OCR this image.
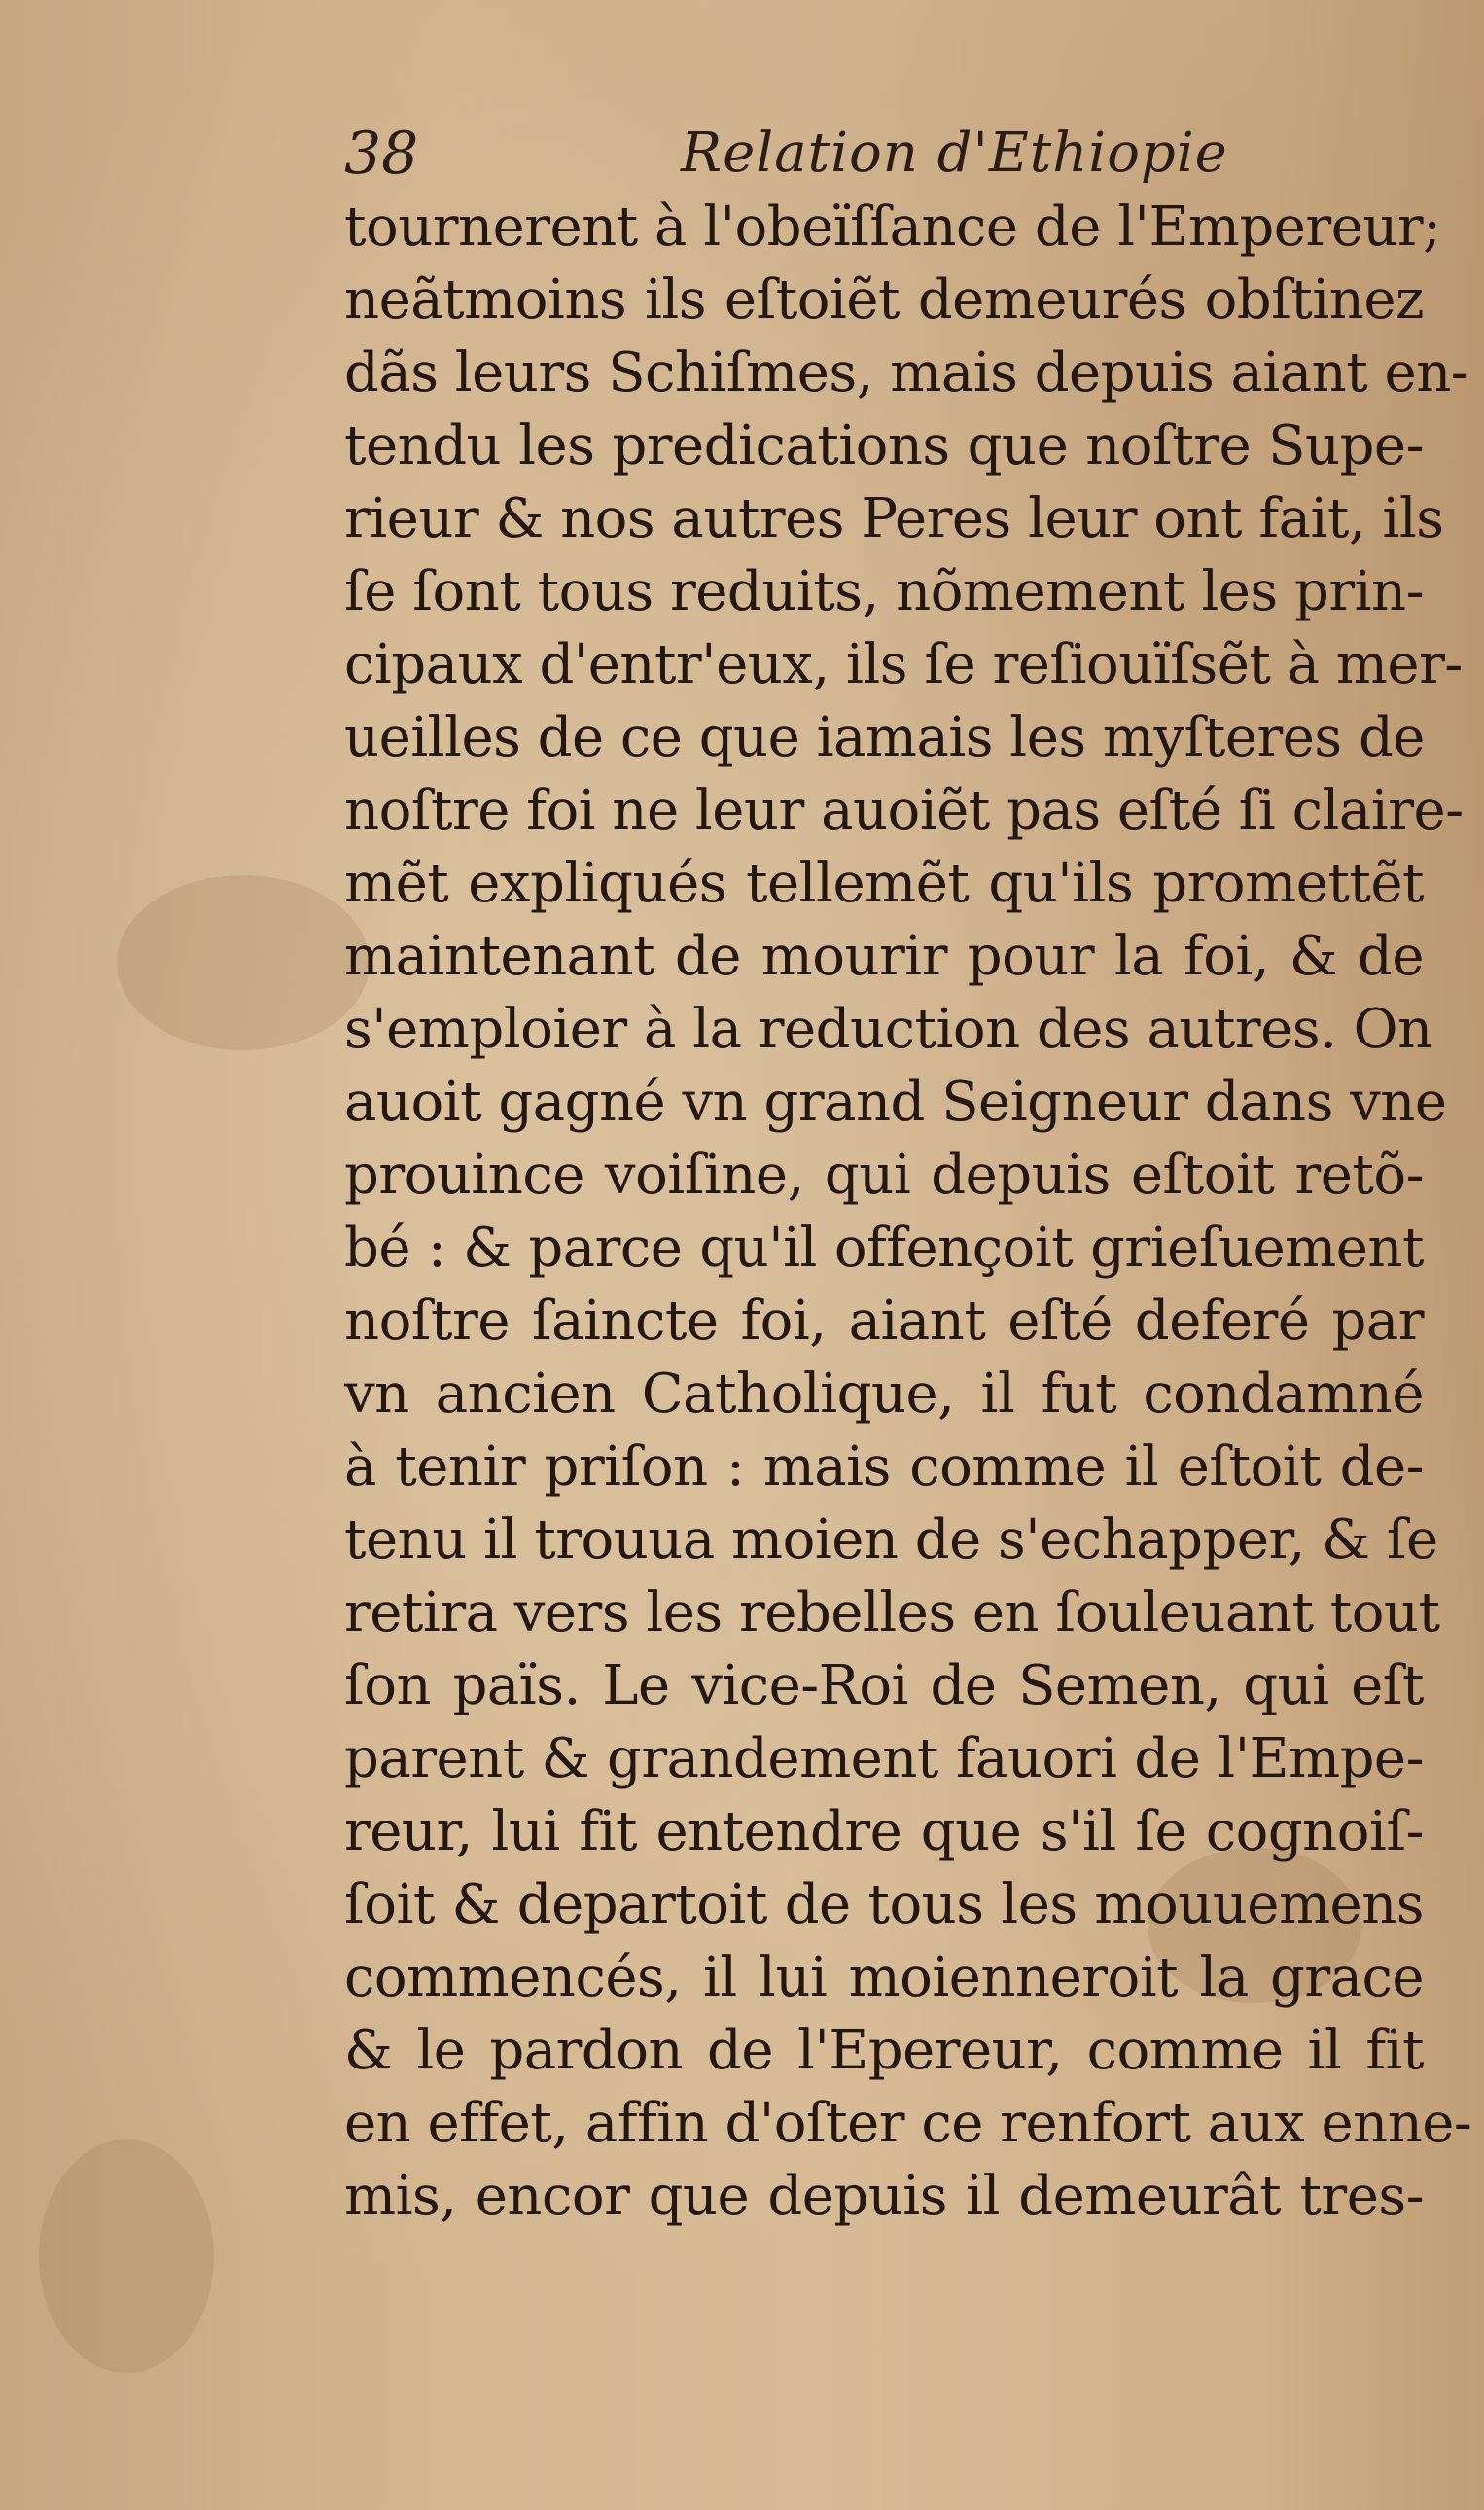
38	Relation d'Ethiopie
tournerent à l'obeïſſance de l'Empereur;
neãtmoins ils eſtoiẽt demeurés obſtinez
dãs leurs Schiſmes, mais depuis aiant en-
tendu les predications que noſtre Supe-
rieur & nos autres Peres leur ont fait, ils
ſe ſont tous reduits, nõmement les prin-
cipaux d'entr'eux, ils ſe reſiouïſsẽt à mer-
ueilles de ce que iamais les myſteres de
noſtre foi ne leur auoiẽt pas eſté ſi claire-
mẽt expliqués tellemẽt qu'ils promettẽt
maintenant de mourir pour la foi, & de
s'emploier à la reduction des autres. On
auoit gagné vn grand Seigneur dans vne
prouince voiſine, qui depuis eſtoit retõ-
bé : & parce qu'il offençoit grieſuement
noſtre ſaincte foi, aiant eſté deferé par
vn ancien Catholique, il fut condamné
à tenir priſon : mais comme il eſtoit de-
tenu il trouua moien de s'echapper, & ſe
retira vers les rebelles en ſouleuant tout
ſon païs. Le vice-Roi de Semen, qui eſt
parent & grandement fauori de l'Empe-
reur, lui fit entendre que s'il ſe cognoiſ-
ſoit & departoit de tous les mouuemens
commencés, il lui moienneroit la grace
& le pardon de l'Epereur, comme il fit
en effet, affin d'oſter ce renfort aux enne-
mis, encor que depuis il demeurât tres-
